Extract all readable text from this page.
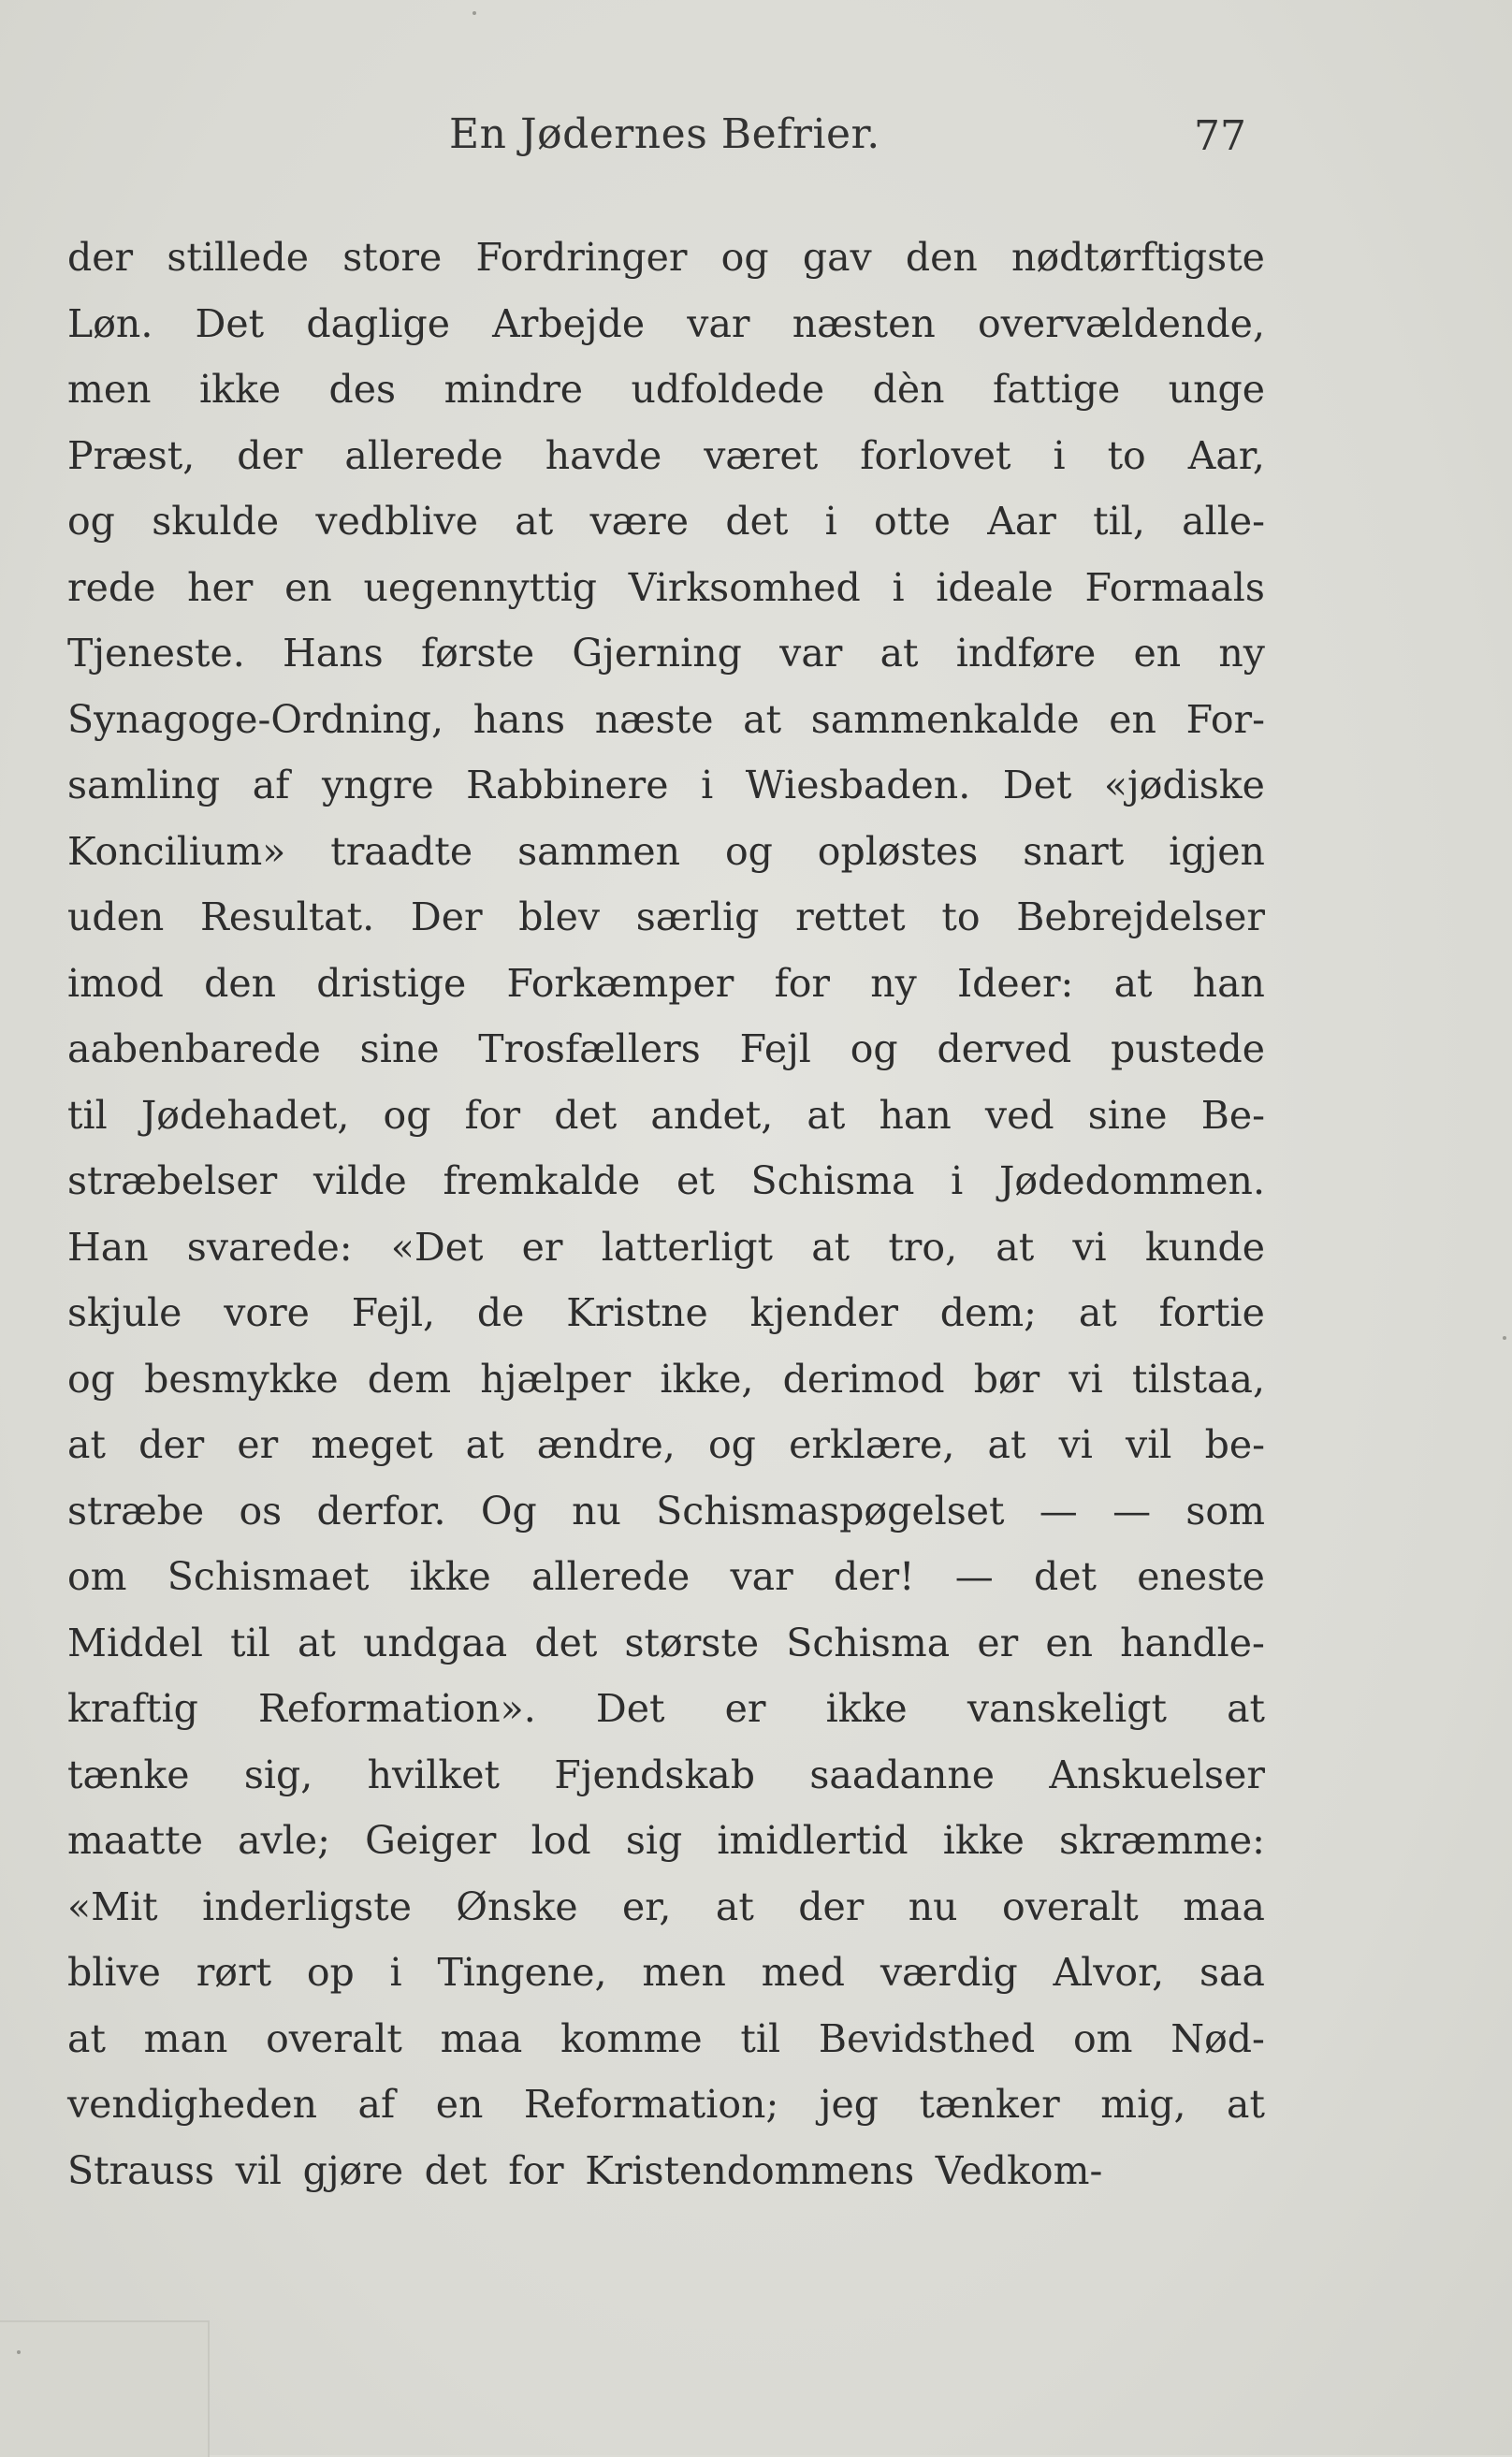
En Jødernes Befrier.	77
der stillede store Fordringer og gav den nødtørftigste
Løn. Det daglige Arbejde var næsten overvældende,
men ikke des mindre udfoldede dèn fattige unge
Præst, der allerede havde været forlovet i to Aar,
og skulde vedblive at være det i otte Aar til, alle-
rede her en uegennyttig Virksomhed i ideale Formaals
Tjeneste. Hans første Gjerning var at indføre en ny
Synagoge-Ordning, hans næste at sammenkalde en For-
samling af yngre Rabbinere i Wiesbaden. Det «jødiske
Koncilium» traadte sammen og opløstes snart igjen
uden Resultat. Der blev særlig rettet to Bebrejdelser
imod den dristige Forkæmper for ny Ideer: at han
aabenbarede sine Trosfællers Fejl og derved pustede
til Jødehadet, og for det andet, at han ved sine Be-
stræbelser vilde fremkalde et Schisma i Jødedommen.
Han svarede: «Det er latterligt at tro, at vi kunde
skjule vore Fejl, de Kristne kjender dem; at fortie
og besmykke dem hjælper ikke, derimod bør vi tilstaa,
at der er meget at ændre, og erklære, at vi vil be-
stræbe os derfor. Og nu Schismaspøgelset — — som
om Schismaet ikke allerede var der! — det eneste
Middel til at undgaa det største Schisma er en handle-
kraftig Reformation». Det er ikke vanskeligt at
tænke sig, hvilket Fjendskab saadanne Anskuelser
maatte avle; Geiger lod sig imidlertid ikke skræmme:
«Mit inderligste Ønske er, at der nu overalt maa
blive rørt op i Tingene, men med værdig Alvor, saa
at man overalt maa komme til Bevidsthed om Nød-
vendigheden af en Reformation; jeg tænker mig, at
Strauss vil gjøre det for Kristendommens Vedkom-
